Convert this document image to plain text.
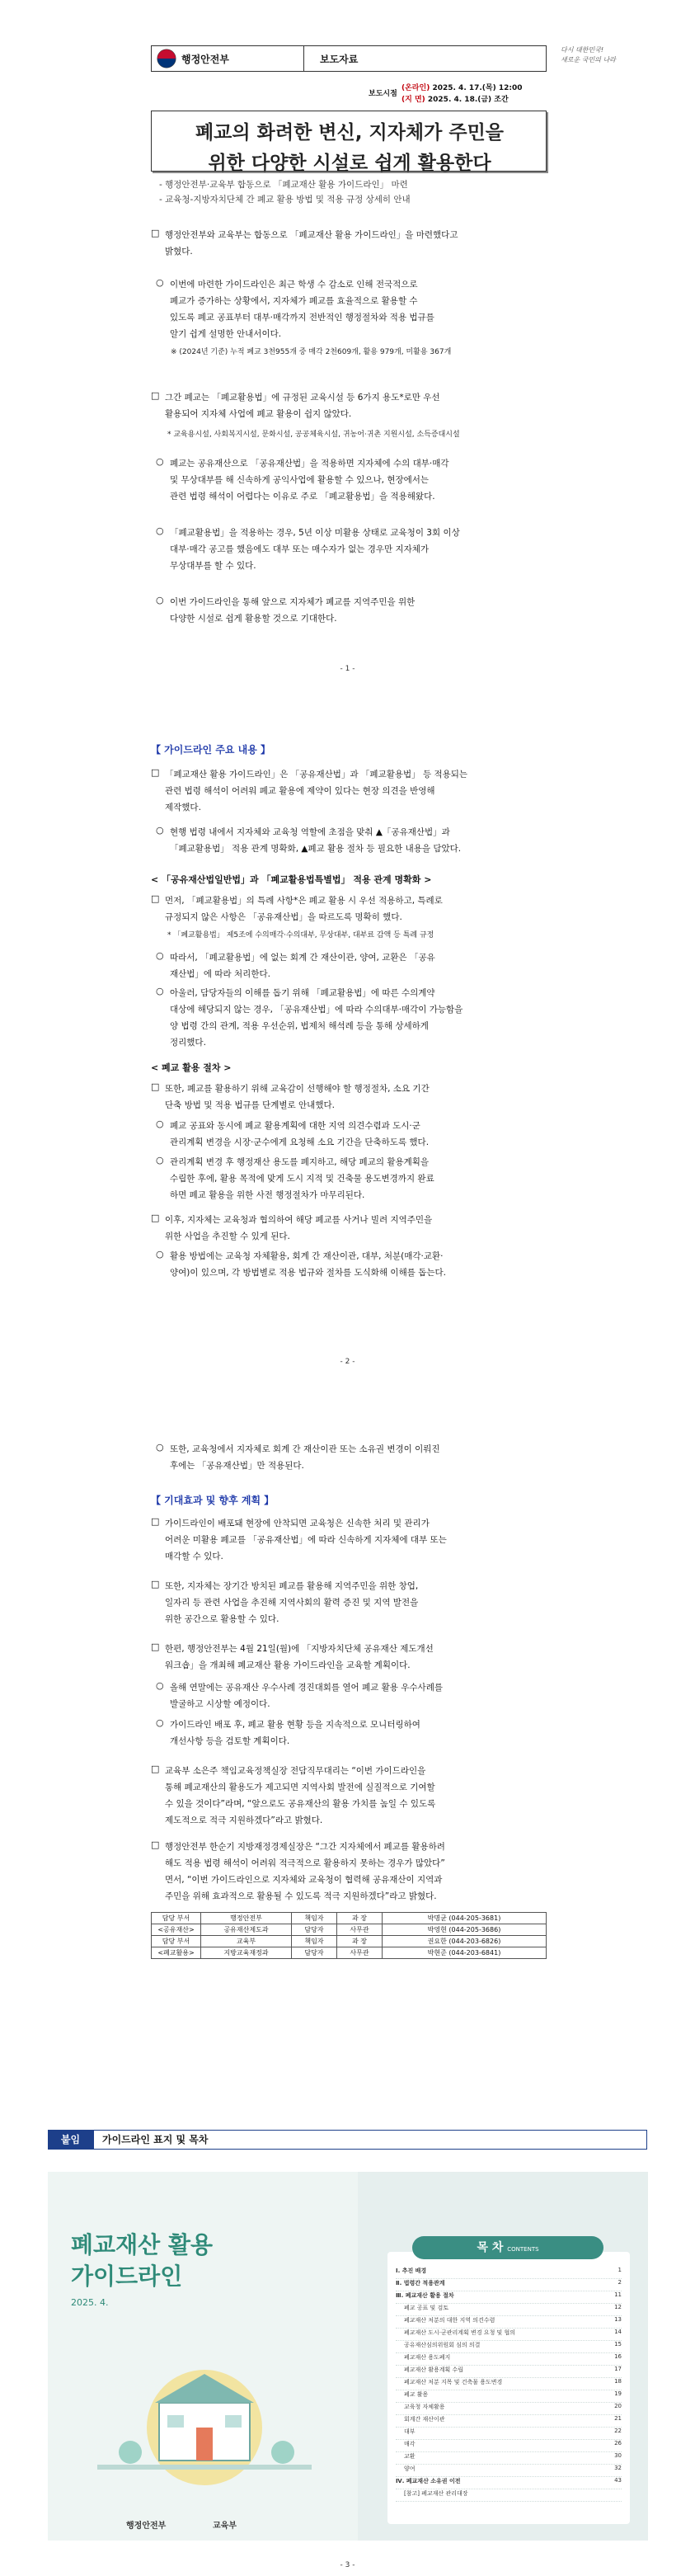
행정안전부	보도자료
다시 대한민국!
새로운 국민의 나라
보도시점
(온라인) 2025. 4. 17.(목) 12:00
(지 면) 2025. 4. 18.(금) 조간
폐교의 화려한 변신, 지자체가 주민을
위한 다양한 시설로 쉽게 활용한다
- 행정안전부·교육부 합동으로 「폐교재산 활용 가이드라인」 마련
- 교육청-지방자치단체 간 폐교 활용 방법 및 적용 규정 상세히 안내
□ 행정안전부와 교육부는 합동으로 「폐교재산 활용 가이드라인」을 마련했다고
밝혔다.
○ 이번에 마련한 가이드라인은 최근 학생 수 감소로 인해 전국적으로
폐교가 증가하는 상황에서, 지자체가 폐교를 효율적으로 활용할 수
있도록 폐교 공표부터 대부·매각까지 전반적인 행정절차와 적용 법규를
알기 쉽게 설명한 안내서이다.
※ (2024년 기준) 누적 폐교 3천955개 중 매각 2천609개, 활용 979개, 미활용 367개
□ 그간 폐교는 「폐교활용법」에 규정된 교육시설 등 6가지 용도*로만 우선
활용되어 지자체 사업에 폐교 활용이 쉽지 않았다.
* 교육용시설, 사회복지시설, 문화시설, 공공체육시설, 귀농어·귀촌 지원시설, 소득증대시설
○ 폐교는 공유재산으로 「공유재산법」을 적용하면 지자체에 수의 대부·매각
및 무상대부를 해 신속하게 공익사업에 활용할 수 있으나, 현장에서는
관련 법령 해석이 어렵다는 이유로 주로 「폐교활용법」을 적용해왔다.
○ 「폐교활용법」을 적용하는 경우, 5년 이상 미활용 상태로 교육청이 3회 이상
대부·매각 공고를 했음에도 대부 또는 매수자가 없는 경우만 지자체가
무상대부를 할 수 있다.
○ 이번 가이드라인을 통해 앞으로 지자체가 폐교를 지역주민을 위한
다양한 시설로 쉽게 활용할 것으로 기대한다.
- 1 -
【 가이드라인 주요 내용 】
□ 「폐교재산 활용 가이드라인」은 「공유재산법」과 「폐교활용법」 등 적용되는
관련 법령 해석이 어려워 폐교 활용에 제약이 있다는 현장 의견을 반영해
제작했다.
○ 현행 법령 내에서 지자체와 교육청 역할에 초점을 맞춰 ▲「공유재산법」과
「폐교활용법」 적용 관계 명확화, ▲폐교 활용 절차 등 필요한 내용을 담았다.
< 「공유재산법일반법」과 「폐교활용법특별법」 적용 관계 명확화 >
□ 먼저, 「폐교활용법」의 특례 사항*은 폐교 활용 시 우선 적용하고, 특례로
규정되지 않은 사항은 「공유재산법」을 따르도록 명확히 했다.
* 「폐교활용법」 제5조에 수의매각·수의대부, 무상대부, 대부료 감액 등 특례 규정
○ 따라서, 「폐교활용법」에 없는 회계 간 재산이관, 양여, 교환은 「공유
재산법」에 따라 처리한다.
○ 아울러, 담당자들의 이해를 돕기 위해 「폐교활용법」에 따른 수의계약
대상에 해당되지 않는 경우, 「공유재산법」에 따라 수의대부·매각이 가능함을
양 법령 간의 관계, 적용 우선순위, 법제처 해석례 등을 통해 상세하게
정리했다.
< 폐교 활용 절차 >
□ 또한, 폐교를 활용하기 위해 교육감이 선행해야 할 행정절차, 소요 기간
단축 방법 및 적용 법규를 단계별로 안내했다.
○ 폐교 공표와 동시에 폐교 활용계획에 대한 지역 의견수렴과 도시·군
관리계획 변경을 시장·군수에게 요청해 소요 기간을 단축하도록 했다.
○ 관리계획 변경 후 행정재산 용도를 폐지하고, 해당 폐교의 활용계획을
수립한 후에, 활용 목적에 맞게 도시 지적 및 건축물 용도변경까지 완료
하면 폐교 활용을 위한 사전 행정절차가 마무리된다.
□ 이후, 지자체는 교육청과 협의하여 해당 폐교를 사거나 빌려 지역주민을
위한 사업을 추진할 수 있게 된다.
○ 활용 방법에는 교육청 자체활용, 회계 간 재산이관, 대부, 처분(매각·교환·
양여)이 있으며, 각 방법별로 적용 법규와 절차를 도식화해 이해를 돕는다.
- 2 -
○ 또한, 교육청에서 지자체로 회계 간 재산이관 또는 소유권 변경이 이뤄진
후에는 「공유재산법」만 적용된다.
【 기대효과 및 향후 계획 】
□ 가이드라인이 배포돼 현장에 안착되면 교육청은 신속한 처리 및 관리가
어려운 미활용 폐교를 「공유재산법」에 따라 신속하게 지자체에 대부 또는
매각할 수 있다.
□ 또한, 지자체는 장기간 방치된 폐교를 활용해 지역주민을 위한 창업,
일자리 등 관련 사업을 추진해 지역사회의 활력 증진 및 지역 발전을
위한 공간으로 활용할 수 있다.
□ 한편, 행정안전부는 4월 21일(월)에 「지방자치단체 공유재산 제도개선
워크숍」을 개최해 폐교재산 활용 가이드라인을 교육할 계획이다.
○ 올해 연말에는 공유재산 우수사례 경진대회를 열어 폐교 활용 우수사례를
발굴하고 시상할 예정이다.
○ 가이드라인 배포 후, 폐교 활용 현황 등을 지속적으로 모니터링하여
개선사항 등을 검토할 계획이다.
□ 교육부 소은주 책임교육정책실장 전담직무대리는 “이번 가이드라인을
통해 폐교재산의 활용도가 제고되면 지역사회 발전에 실질적으로 기여할
수 있을 것이다”라며, “앞으로도 공유재산의 활용 가치를 높일 수 있도록
제도적으로 적극 지원하겠다”라고 밝혔다.
□ 행정안전부 한순기 지방재정경제실장은 “그간 지자체에서 폐교를 활용하려
해도 적용 법령 해석이 어려워 적극적으로 활용하지 못하는 경우가 많았다”
면서, “이번 가이드라인으로 지자체와 교육청이 협력해 공유재산이 지역과
주민을 위해 효과적으로 활용될 수 있도록 적극 지원하겠다”라고 밝혔다.
담당 부서	행정안전부	책임자	과 장	박명균 (044-205-3681)
<공유재산>	공유재산제도과	담당자	사무관	박영현 (044-205-3686)
담당 부서	교육부	책임자	과 장	권요한 (044-203-6826)
<폐교활용>	지방교육재정과	담당자	사무관	박현준 (044-203-6841)
- 3 -
붙임	가이드라인 표지 및 목차
폐교재산 활용
가이드라인
2025. 4.
행정안전부	교육부
목 차 CONTENTS
Ⅰ. 추진 배경	1
Ⅱ. 법령간 적용관계	2
Ⅲ. 폐교재산 활용 절차	11
폐교 공표 및 검토	12
폐교재산 처분의 대한 지역 의견수렴	13
폐교재산 도시·군관리계획 변경 요청 및 협의	14
공유재산심의위원회 심의 의결	15
폐교재산 용도폐지	16
폐교재산 활용계획 수립	17
폐교재산 처분 지목 및 건축물 용도변경	18
폐교 활용	19
교육청 자체활용	20
회계간 재산이관	21
대부	22
매각	26
교환	30
양여	32
Ⅳ. 폐교재산 소유권 이전	43
[참고] 폐교재산 관리대장
